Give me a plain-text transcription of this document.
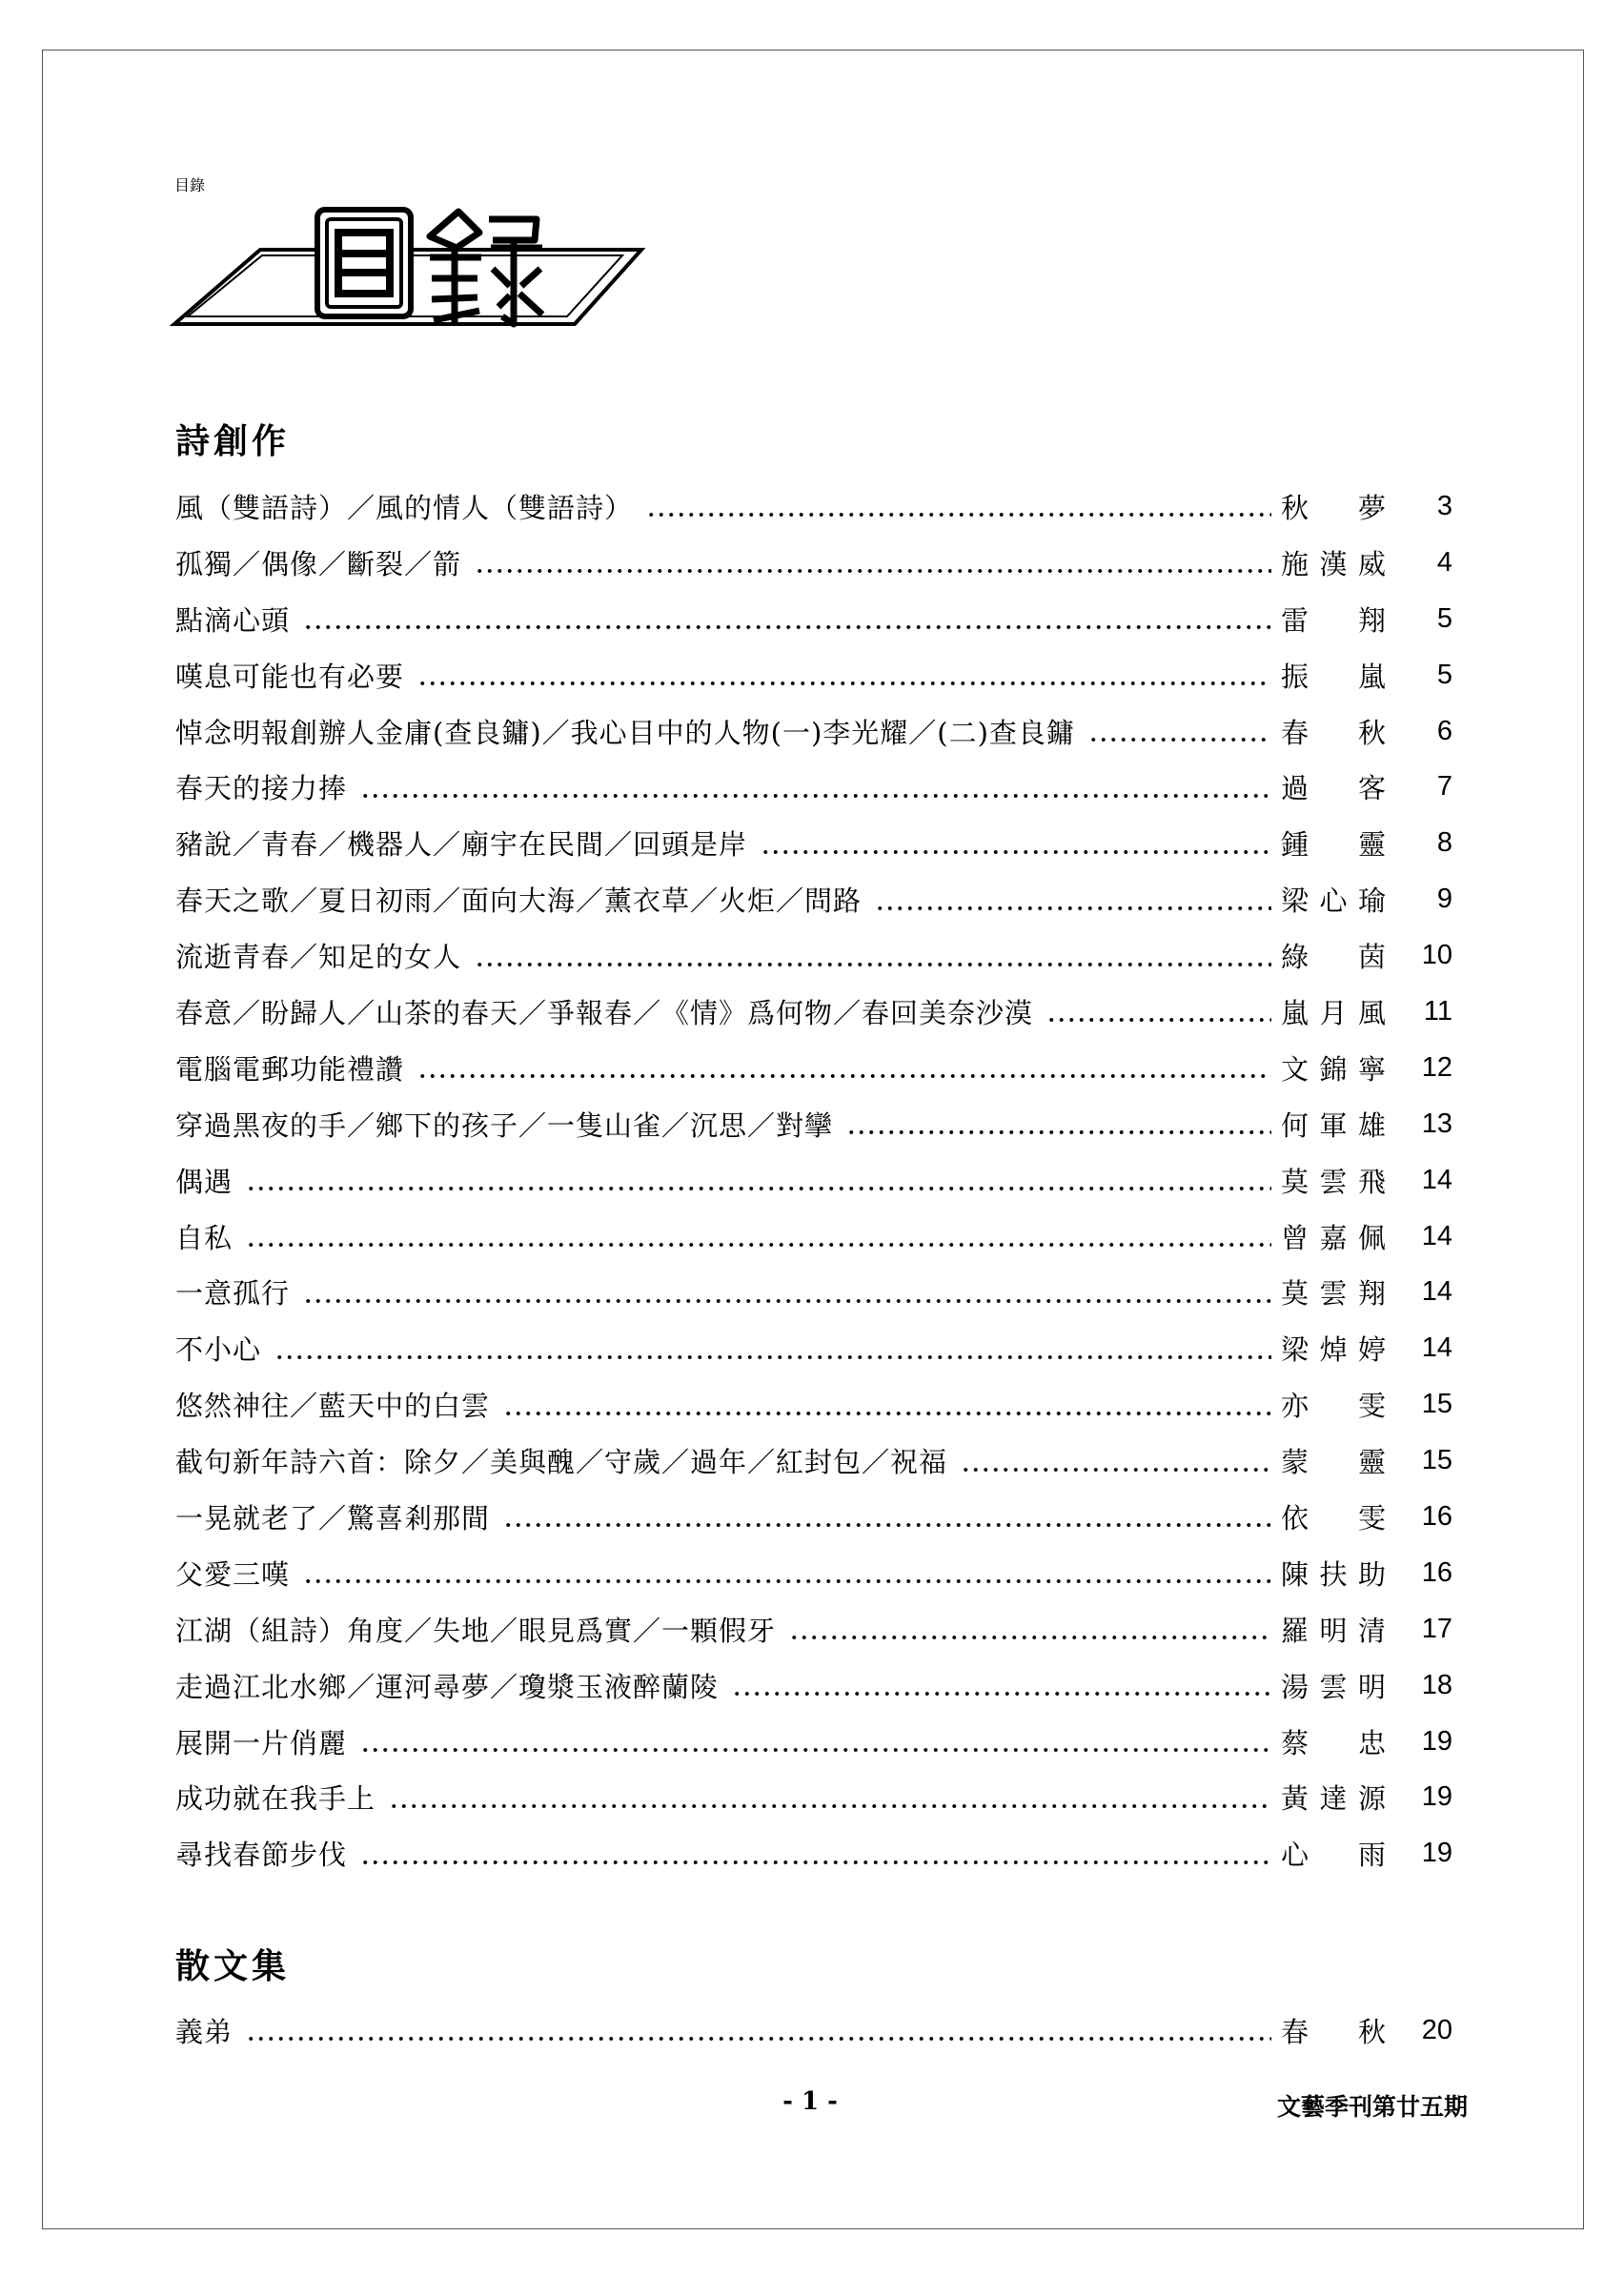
目錄
詩創作
風（雙語詩）／風的情人（雙語詩）	秋夢	3
孤獨／偶像／斷裂／箭	施漢威	4
點滴心頭	雷翔	5
嘆息可能也有必要	振嵐	5
悼念明報創辦人金庸(查良鏞)／我心目中的人物(一)李光耀／(二)查良鏞	春秋	6
春天的接力捧	過客	7
豬說／青春／機器人／廟宇在民間／回頭是岸	鍾靈	8
春天之歌／夏日初雨／面向大海／薰衣草／火炬／問路	梁心瑜	9
流逝青春／知足的女人	綠茵	10
春意／盼歸人／山茶的春天／爭報春／《情》爲何物／春回美奈沙漠	嵐月風	11
電腦電郵功能禮讚	文錦寧	12
穿過黑夜的手／鄉下的孩子／一隻山雀／沉思／對攣	何軍雄	13
偶遇	莫雲飛	14
自私	曾嘉佩	14
一意孤行	莫雲翔	14
不小心	梁焯婷	14
悠然神往／藍天中的白雲	亦雯	15
截句新年詩六首：除夕／美與醜／守歲／過年／紅封包／祝福	蒙靈	15
一晃就老了／驚喜剎那間	依雯	16
父愛三嘆	陳扶助	16
江湖（組詩）角度／失地／眼見爲實／一顆假牙	羅明清	17
走過江北水鄉／運河尋夢／瓊漿玉液醉蘭陵	湯雲明	18
展開一片俏麗	蔡忠	19
成功就在我手上	黃達源	19
尋找春節步伐	心雨	19
散文集
義弟	春秋	20
- 1 -	文藝季刊第廿五期
